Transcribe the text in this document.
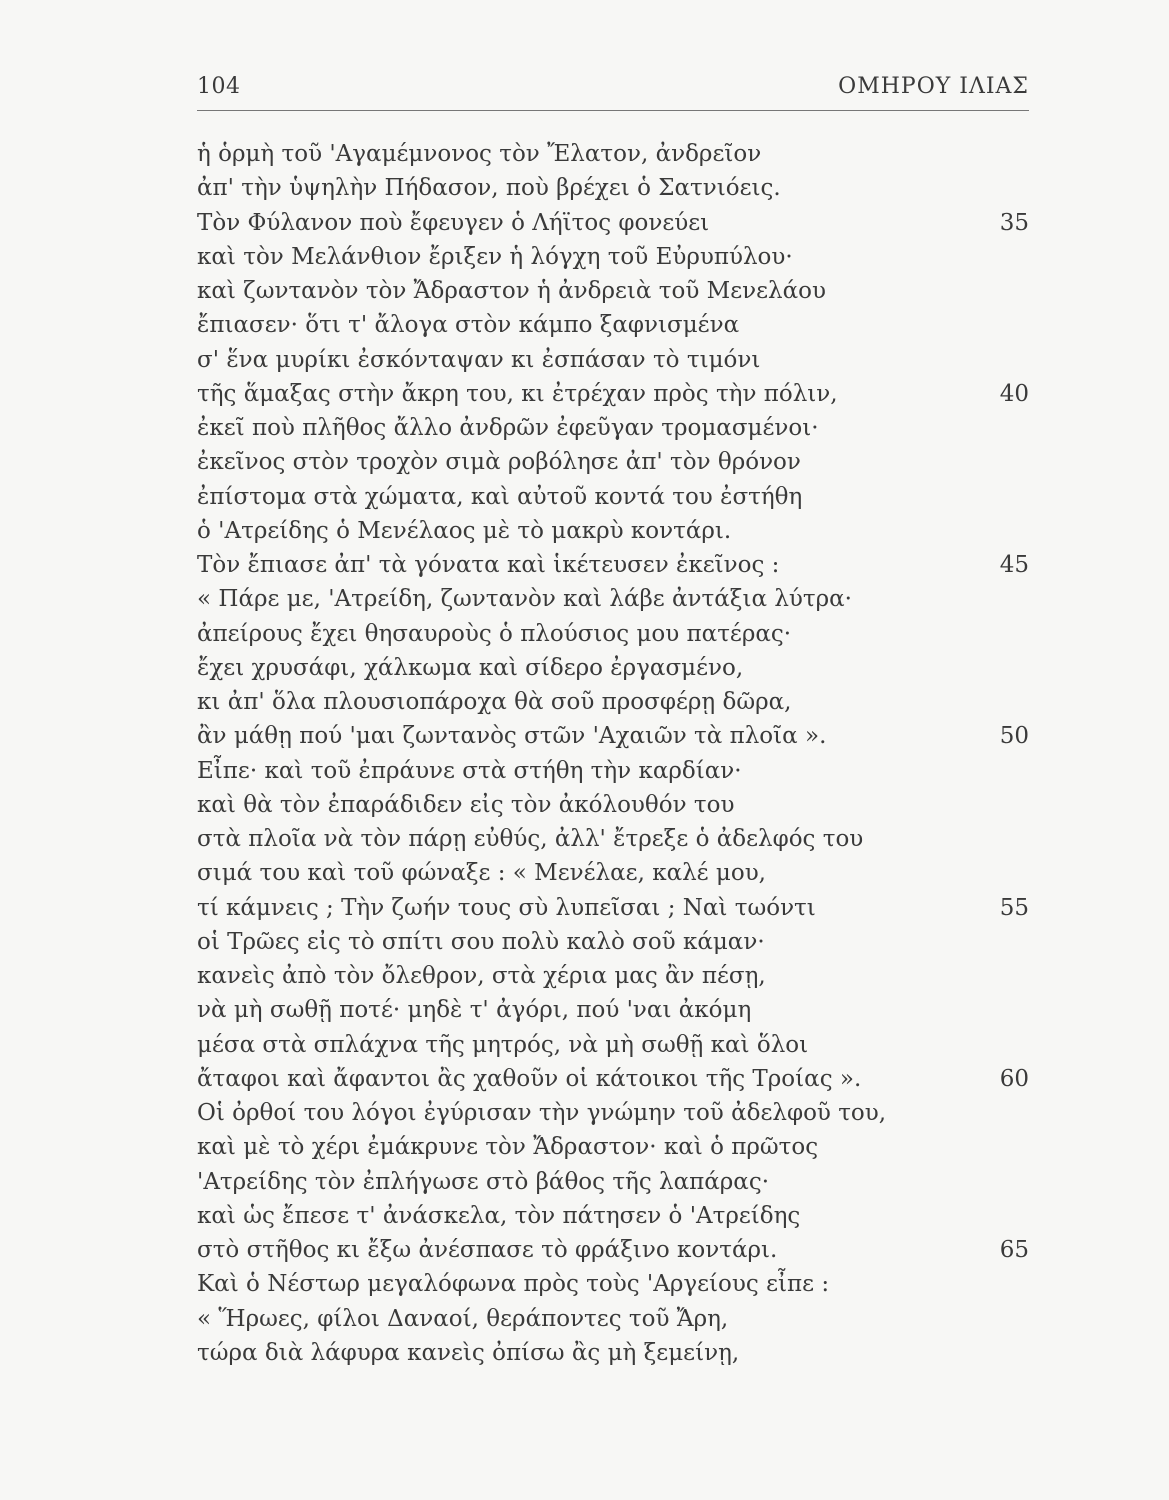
104	ΟΜΗΡΟΥ ΙΛΙΑΣ
ἡ ὁρμὴ τοῦ 'Αγαμέμνονος τὸν Ἔλατον, ἀνδρεῖον
ἀπ' τὴν ὑψηλὴν Πήδασον, ποὺ βρέχει ὁ Σατνιόεις.
Τὸν Φύλανον ποὺ ἔφευγεν ὁ Λήϊτος φονεύει	35
καὶ τὸν Μελάνθιον ἔριξεν ἡ λόγχη τοῦ Εὐρυπύλου·
καὶ ζωντανὸν τὸν Ἄδραστον ἡ ἀνδρειὰ τοῦ Μενελάου
ἔπιασεν· ὅτι τ' ἄλογα στὸν κάμπο ξαφνισμένα
σ' ἕνα μυρίκι ἐσκόνταψαν κι ἐσπάσαν τὸ τιμόνι
τῆς ἅμαξας στὴν ἄκρη του, κι ἐτρέχαν πρὸς τὴν πόλιν,	40
ἐκεῖ ποὺ πλῆθος ἄλλο ἀνδρῶν ἐφεῦγαν τρομασμένοι·
ἐκεῖνος στὸν τροχὸν σιμὰ ροβόλησε ἀπ' τὸν θρόνον
ἐπίστομα στὰ χώματα, καὶ αὐτοῦ κοντά του ἐστήθη
ὁ 'Ατρείδης ὁ Μενέλαος μὲ τὸ μακρὺ κοντάρι.
Τὸν ἔπιασε ἀπ' τὰ γόνατα καὶ ἱκέτευσεν ἐκεῖνος :	45
« Πάρε με, 'Ατρείδη, ζωντανὸν καὶ λάβε ἀντάξια λύτρα·
ἀπείρους ἔχει θησαυροὺς ὁ πλούσιος μου πατέρας·
ἔχει χρυσάφι, χάλκωμα καὶ σίδερο ἐργασμένο,
κι ἀπ' ὅλα πλουσιοπάροχα θὰ σοῦ προσφέρῃ δῶρα,
ἂν μάθῃ πού 'μαι ζωντανὸς στῶν 'Αχαιῶν τὰ πλοῖα ».	50
Εἶπε· καὶ τοῦ ἐπράυνε στὰ στήθη τὴν καρδίαν·
καὶ θὰ τὸν ἐπαράδιδεν εἰς τὸν ἀκόλουθόν του
στὰ πλοῖα νὰ τὸν πάρῃ εὐθύς, ἀλλ' ἔτρεξε ὁ ἀδελφός του
σιμά του καὶ τοῦ φώναξε : « Μενέλαε, καλέ μου,
τί κάμνεις ; Τὴν ζωήν τους σὺ λυπεῖσαι ; Ναὶ τωόντι	55
οἱ Τρῶες εἰς τὸ σπίτι σου πολὺ καλὸ σοῦ κάμαν·
κανεὶς ἀπὸ τὸν ὄλεθρον, στὰ χέρια μας ἂν πέσῃ,
νὰ μὴ σωθῇ ποτέ· μηδὲ τ' ἀγόρι, πού 'ναι ἀκόμη
μέσα στὰ σπλάχνα τῆς μητρός, νὰ μὴ σωθῇ καὶ ὅλοι
ἄταφοι καὶ ἄφαντοι ἂς χαθοῦν οἱ κάτοικοι τῆς Τροίας ».	60
Οἱ ὀρθοί του λόγοι ἐγύρισαν τὴν γνώμην τοῦ ἀδελφοῦ του,
καὶ μὲ τὸ χέρι ἐμάκρυνε τὸν Ἄδραστον· καὶ ὁ πρῶτος
'Ατρείδης τὸν ἐπλήγωσε στὸ βάθος τῆς λαπάρας·
καὶ ὡς ἔπεσε τ' ἀνάσκελα, τὸν πάτησεν ὁ 'Ατρείδης
στὸ στῆθος κι ἔξω ἀνέσπασε τὸ φράξινο κοντάρι.	65
Καὶ ὁ Νέστωρ μεγαλόφωνα πρὸς τοὺς 'Αργείους εἶπε :
« Ἥρωες, φίλοι Δαναοί, θεράποντες τοῦ Ἄρη,
τώρα διὰ λάφυρα κανεὶς ὀπίσω ἂς μὴ ξεμείνῃ,
